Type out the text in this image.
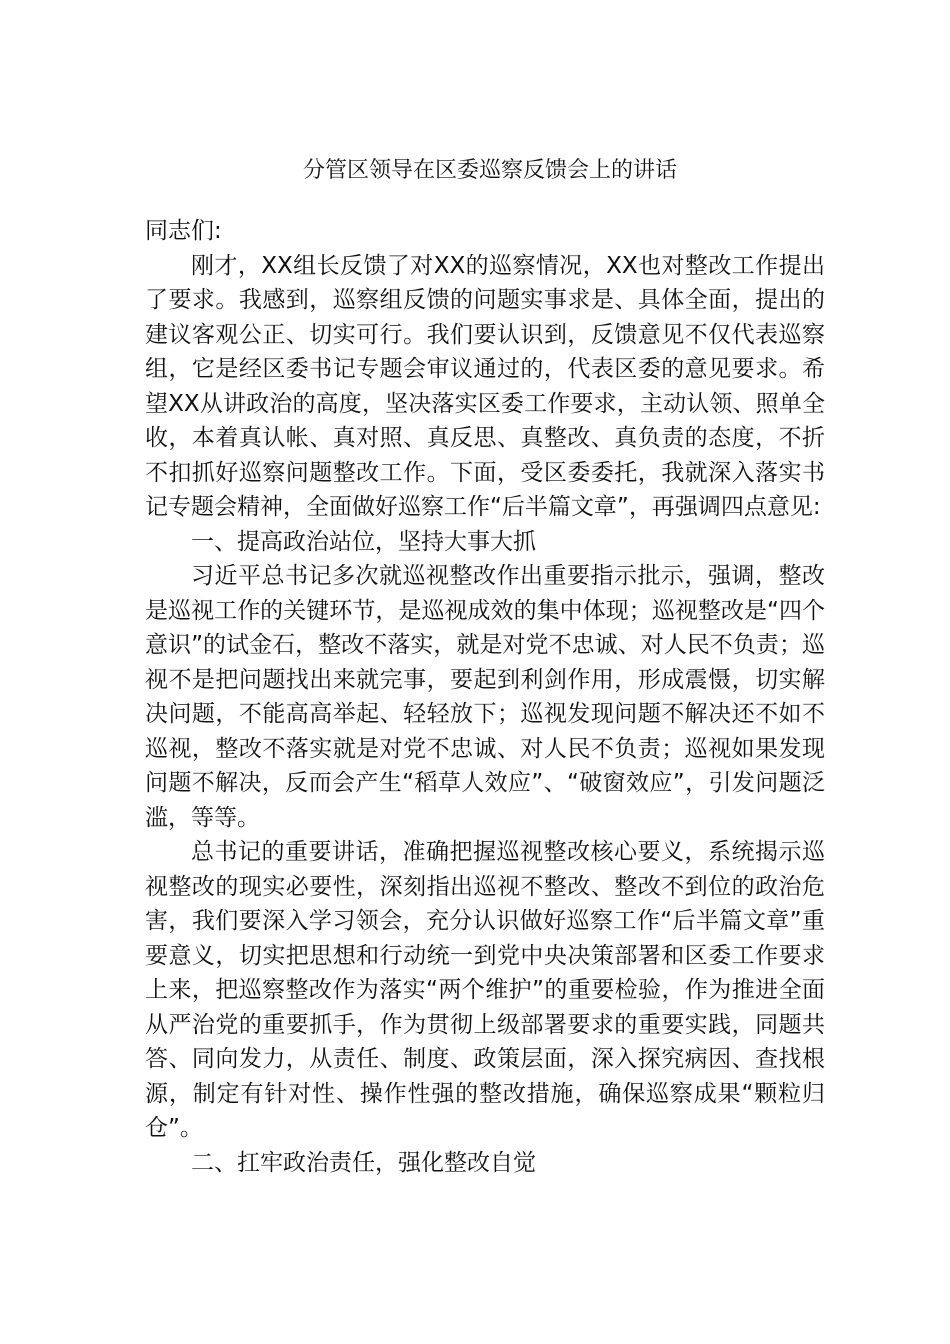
分管区领导在区委巡察反馈会上的讲话
同志们:

刚才，XX组长反馈了对XX的巡察情况，XX也对整改工作提出了要求。我感到，巡察组反馈的问题实事求是、具体全面，提出的建议客观公正、切实可行。我们要认识到，反馈意见不仅代表巡察组，它是经区委书记专题会审议通过的，代表区委的意见要求。希望XX从讲政治的高度，坚决落实区委工作要求，主动认领、照单全收，本着真认帐、真对照、真反思、真整改、真负责的态度，不折不扣抓好巡察问题整改工作。下面，受区委委托，我就深入落实书记专题会精神，全面做好巡察工作“后半篇文章”，再强调四点意见:

一、提高政治站位，坚持大事大抓

习近平总书记多次就巡视整改作出重要指示批示，强调，整改是巡视工作的关键环节，是巡视成效的集中体现；巡视整改是“四个意识”的试金石，整改不落实，就是对党不忠诚、对人民不负责；巡视不是把问题找出来就完事，要起到利剑作用，形成震慑，切实解决问题，不能高高举起、轻轻放下；巡视发现问题不解决还不如不巡视，整改不落实就是对党不忠诚、对人民不负责；巡视如果发现问题不解决，反而会产生“稻草人效应”、“破窗效应”，引发问题泛滥，等等。

总书记的重要讲话，准确把握巡视整改核心要义，系统揭示巡视整改的现实必要性，深刻指出巡视不整改、整改不到位的政治危害，我们要深入学习领会，充分认识做好巡察工作“后半篇文章”重要意义，切实把思想和行动统一到党中央决策部署和区委工作要求上来，把巡察整改作为落实“两个维护”的重要检验，作为推进全面从严治党的重要抓手，作为贯彻上级部署要求的重要实践，同题共答、同向发力，从责任、制度、政策层面，深入探究病因、查找根源，制定有针对性、操作性强的整改措施，确保巡察成果“颗粒归仓”。

二、扛牢政治责任，强化整改自觉
